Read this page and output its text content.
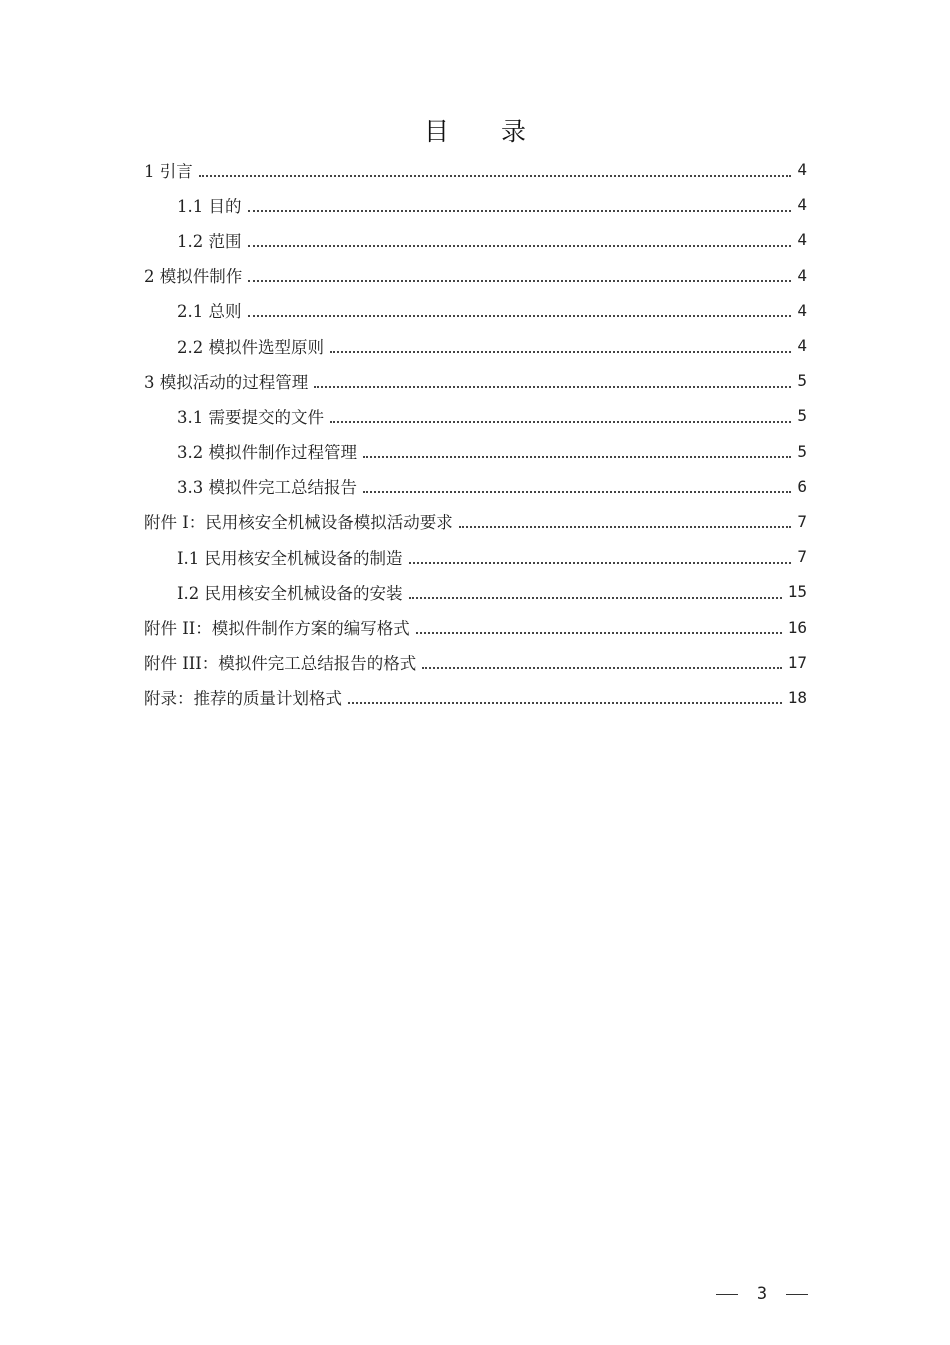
目 录
1 引言	4
1.1 目的	4
1.2 范围	4
2 模拟件制作	4
2.1 总则	4
2.2 模拟件选型原则	4
3 模拟活动的过程管理	5
3.1 需要提交的文件	5
3.2 模拟件制作过程管理	5
3.3 模拟件完工总结报告	6
附件 I：民用核安全机械设备模拟活动要求	7
I.1 民用核安全机械设备的制造	7
I.2 民用核安全机械设备的安装	15
附件 II：模拟件制作方案的编写格式	16
附件 III：模拟件完工总结报告的格式	17
附录：推荐的质量计划格式	18
3
